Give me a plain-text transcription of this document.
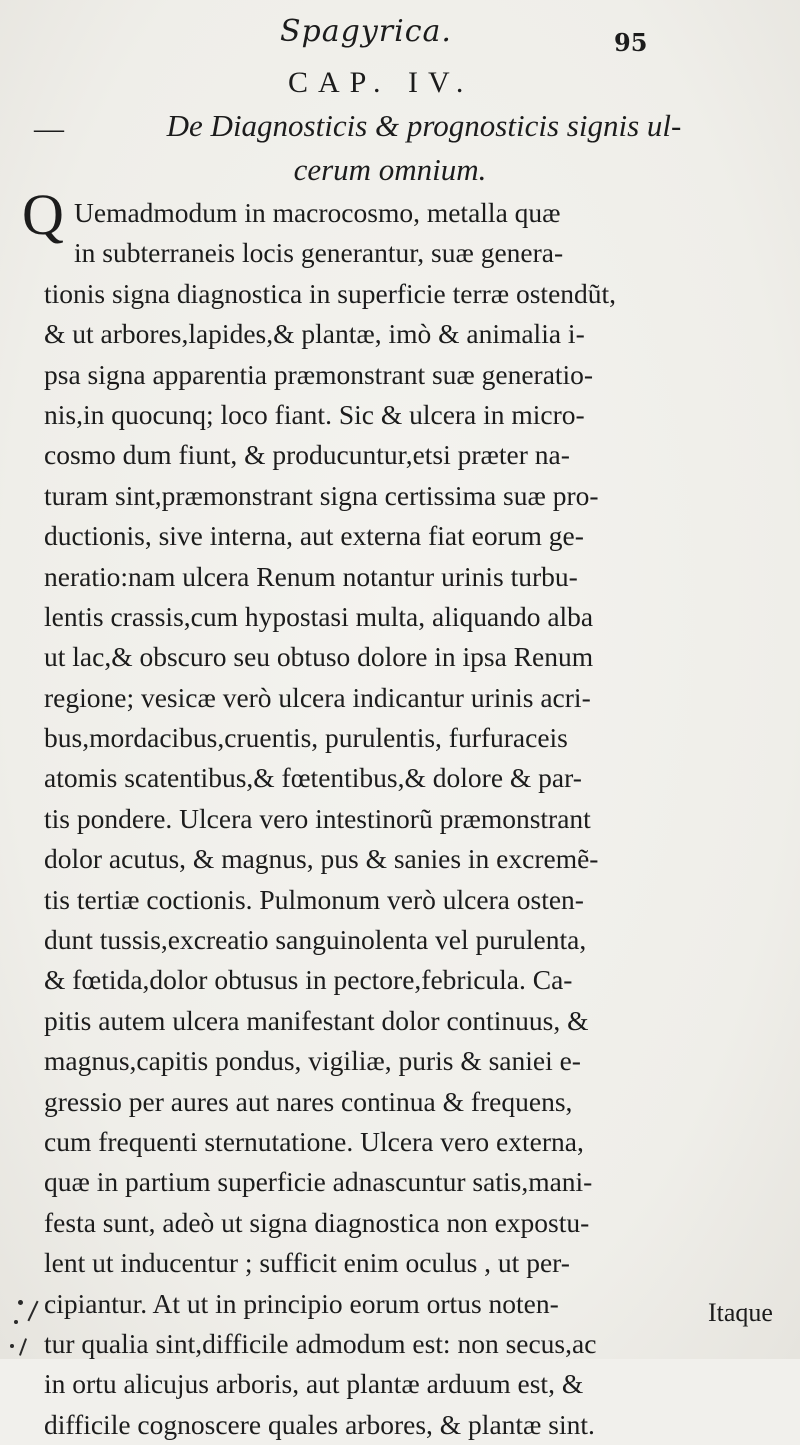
Spagyrica.	95
CAP. IV.
—	De Diagnosticis & prognosticis signis ul-
cerum omnium.
Q Uemadmodum in macrocosmo, metalla quæ
in subterraneis locis generantur, suæ genera-
tionis signa diagnostica in superficie terræ ostendũt,
& ut arbores,lapides,& plantæ, imò & animalia i-
psa signa apparentia præmonstrant suæ generatio-
nis,in quocunq; loco fiant. Sic & ulcera in micro-
cosmo dum fiunt, & producuntur,etsi præter na-
turam sint,præmonstrant signa certissima suæ pro-
ductionis, sive interna, aut externa fiat eorum ge-
neratio:nam ulcera Renum notantur urinis turbu-
lentis crassis,cum hypostasi multa, aliquando alba
ut lac,& obscuro seu obtuso dolore in ipsa Renum
regione; vesicæ verò ulcera indicantur urinis acri-
bus,mordacibus,cruentis, purulentis, furfuraceis
atomis scatentibus,& fœtentibus,& dolore & par-
tis pondere. Ulcera vero intestinorũ præmonstrant
dolor acutus, & magnus, pus & sanies in excremẽ-
tis tertiæ coctionis. Pulmonum verò ulcera osten-
dunt tussis,excreatio sanguinolenta vel purulenta,
& fœtida,dolor obtusus in pectore,febricula. Ca-
pitis autem ulcera manifestant dolor continuus, &
magnus,capitis pondus, vigiliæ, puris & saniei e-
gressio per aures aut nares continua & frequens,
cum frequenti sternutatione. Ulcera vero externa,
quæ in partium superficie adnascuntur satis,mani-
festa sunt, adeò ut signa diagnostica non expostu-
lent ut inducentur ; sufficit enim oculus , ut per-
cipiantur. At ut in principio eorum ortus noten-
tur qualia sint,difficile admodum est: non secus,ac
in ortu alicujus arboris, aut plantæ arduum est, &
difficile cognoscere quales arbores, & plantæ sint.
Itaque
